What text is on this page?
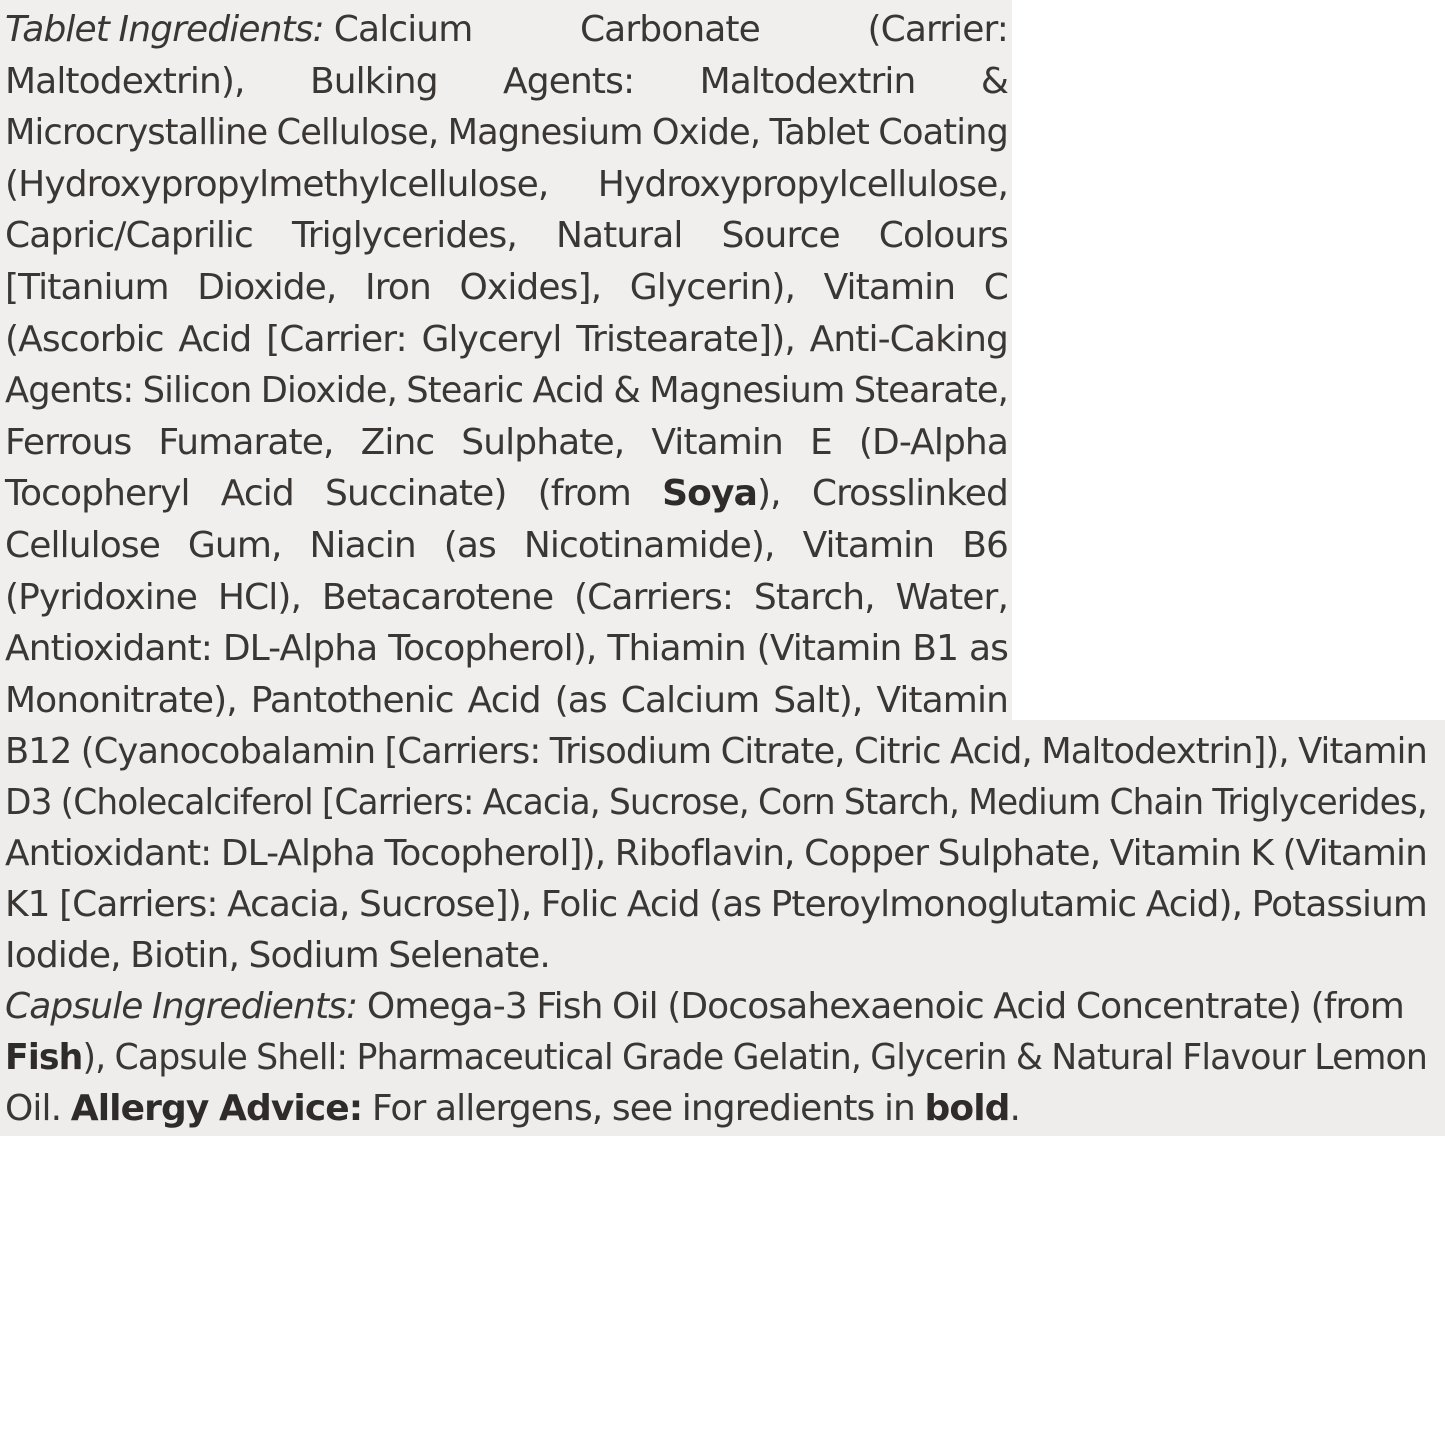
Tablet Ingredients: Calcium Carbonate (Carrier:
Maltodextrin), Bulking Agents: Maltodextrin &
Microcrystalline Cellulose, Magnesium Oxide, Tablet Coating
(Hydroxypropylmethylcellulose, Hydroxypropylcellulose,
Capric/Caprilic Triglycerides, Natural Source Colours
[Titanium Dioxide, Iron Oxides], Glycerin), Vitamin C
(Ascorbic Acid [Carrier: Glyceryl Tristearate]), Anti-Caking
Agents: Silicon Dioxide, Stearic Acid & Magnesium Stearate,
Ferrous Fumarate, Zinc Sulphate, Vitamin E (D-Alpha
Tocopheryl Acid Succinate) (from Soya), Crosslinked
Cellulose Gum, Niacin (as Nicotinamide), Vitamin B6
(Pyridoxine HCl), Betacarotene (Carriers: Starch, Water,
Antioxidant: DL-Alpha Tocopherol), Thiamin (Vitamin B1 as
Mononitrate), Pantothenic Acid (as Calcium Salt), Vitamin
B12 (Cyanocobalamin [Carriers: Trisodium Citrate, Citric Acid, Maltodextrin]), Vitamin
D3 (Cholecalciferol [Carriers: Acacia, Sucrose, Corn Starch, Medium Chain Triglycerides,
Antioxidant: DL-Alpha Tocopherol]), Riboflavin, Copper Sulphate, Vitamin K (Vitamin
K1 [Carriers: Acacia, Sucrose]), Folic Acid (as Pteroylmonoglutamic Acid), Potassium
Iodide, Biotin, Sodium Selenate.
Capsule Ingredients: Omega-3 Fish Oil (Docosahexaenoic Acid Concentrate) (from
Fish), Capsule Shell: Pharmaceutical Grade Gelatin, Glycerin & Natural Flavour Lemon
Oil. Allergy Advice: For allergens, see ingredients in bold.
